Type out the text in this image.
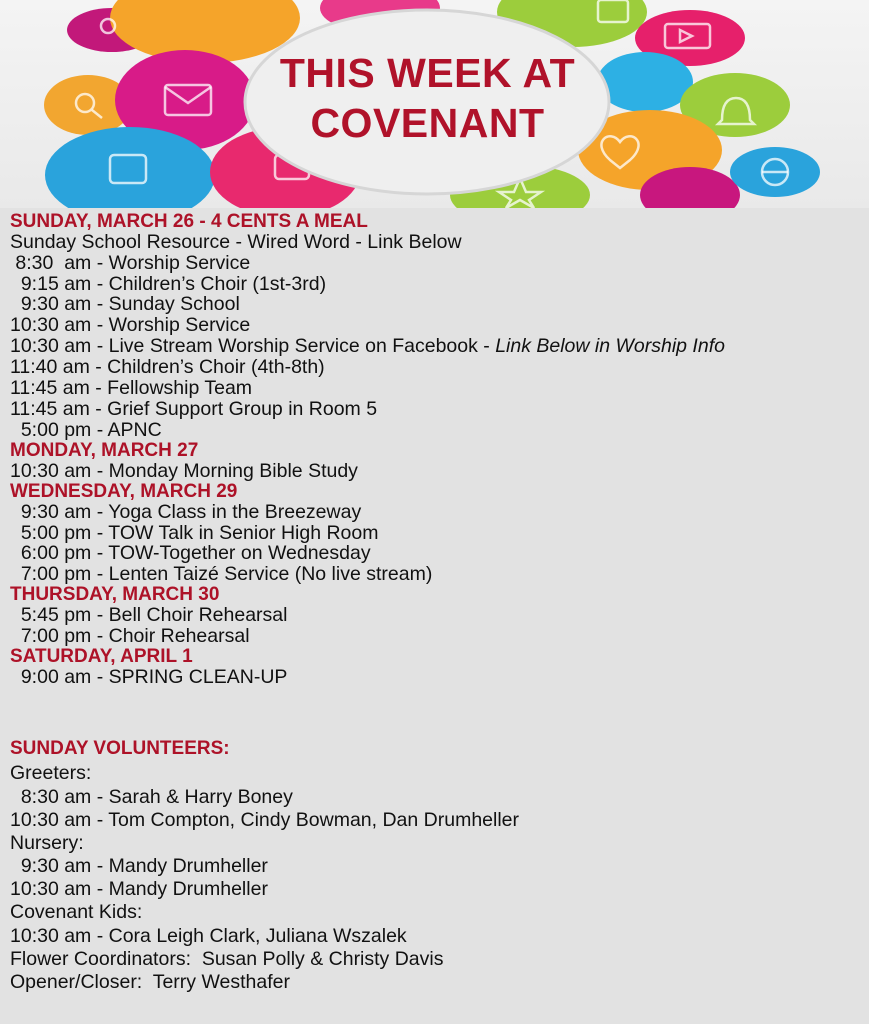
THIS WEEK AT
COVENANT
SUNDAY, MARCH 26 - 4 CENTS A MEAL
Sunday School Resource - Wired Word - Link Below
8:30  am - Worship Service
9:15 am - Children’s Choir (1st-3rd)
9:30 am - Sunday School
10:30 am - Worship Service
10:30 am - Live Stream Worship Service on Facebook - Link Below in Worship Info
11:40 am - Children’s Choir (4th-8th)
11:45 am - Fellowship Team
11:45 am - Grief Support Group in Room 5
5:00 pm - APNC
MONDAY, MARCH 27
10:30 am - Monday Morning Bible Study
WEDNESDAY, MARCH 29
9:30 am - Yoga Class in the Breezeway
5:00 pm - TOW Talk in Senior High Room
6:00 pm - TOW-Together on Wednesday
7:00 pm - Lenten Taizé Service (No live stream)
THURSDAY, MARCH 30
5:45 pm - Bell Choir Rehearsal
7:00 pm - Choir Rehearsal
SATURDAY, APRIL 1
9:00 am - SPRING CLEAN-UP
SUNDAY VOLUNTEERS:
Greeters:
8:30 am - Sarah & Harry Boney
10:30 am - Tom Compton, Cindy Bowman, Dan Drumheller
Nursery:
9:30 am - Mandy Drumheller
10:30 am - Mandy Drumheller
Covenant Kids:
10:30 am - Cora Leigh Clark, Juliana Wszalek
Flower Coordinators:  Susan Polly & Christy Davis
Opener/Closer:  Terry Westhafer
